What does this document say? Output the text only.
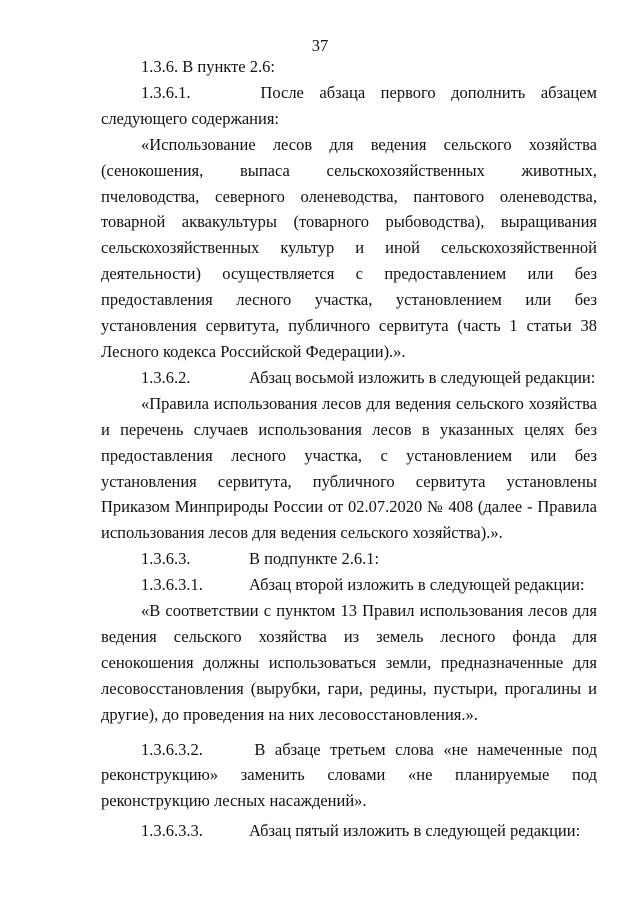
37

1.3.6. В пункте 2.6:

1.3.6.1.	После абзаца первого дополнить абзацем следующего содержания:

«Использование лесов для ведения сельского хозяйства (сенокошения, выпаса сельскохозяйственных животных, пчеловодства, северного оленеводства, пантового оленеводства, товарной аквакультуры (товарного рыбоводства), выращивания сельскохозяйственных культур и иной сельскохозяйственной деятельности) осуществляется с предоставлением или без предоставления лесного участка, установлением или без установления сервитута, публичного сервитута (часть 1 статьи 38 Лесного кодекса Российской Федерации).».

1.3.6.2.	Абзац восьмой изложить в следующей редакции:

«Правила использования лесов для ведения сельского хозяйства и перечень случаев использования лесов в указанных целях без предоставления лесного участка, с установлением или без установления сервитута, публичного сервитута установлены Приказом Минприроды России от 02.07.2020 № 408 (далее - Правила использования лесов для ведения сельского хозяйства).».

1.3.6.3.	В подпункте 2.6.1:

1.3.6.3.1.	Абзац второй изложить в следующей редакции:

«В соответствии с пунктом 13 Правил использования лесов для ведения сельского хозяйства из земель лесного фонда для сенокошения должны использоваться земли, предназначенные для лесовосстановления (вырубки, гари, редины, пустыри, прогалины и другие), до проведения на них лесовосстановления.».

1.3.6.3.2.	В абзаце третьем слова «не намеченные под реконструкцию» заменить словами «не планируемые под реконструкцию лесных насаждений».

1.3.6.3.3.	Абзац пятый изложить в следующей редакции:
